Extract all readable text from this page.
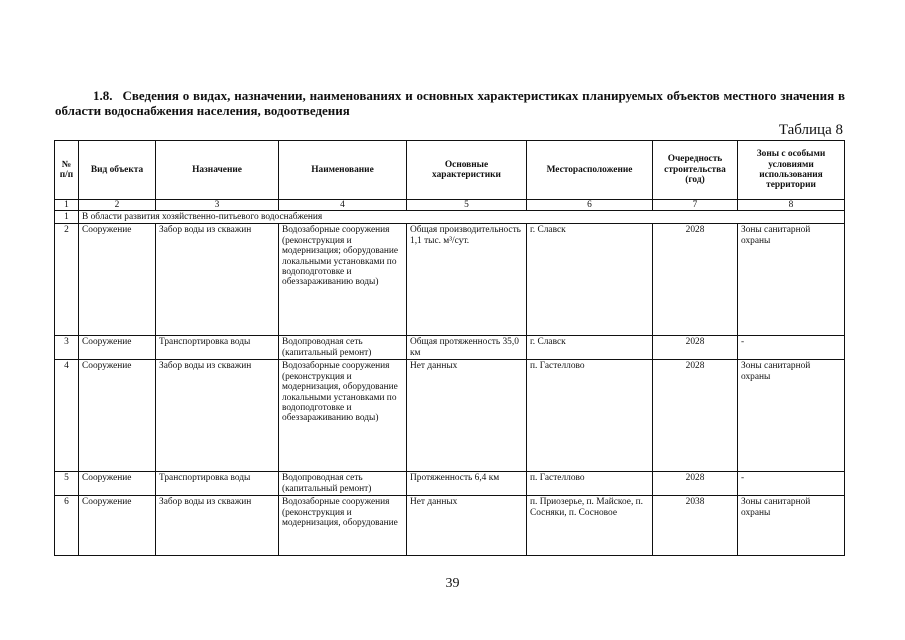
1.8. Сведения о видах, назначении, наименованиях и основных характеристиках планируемых объектов местного значения в области водоснабжения населения, водоотведения
Таблица 8
№ п/п	Вид объекта	Назначение	Наименование	Основные характеристики	Месторасположение	Очередность строительства (год)	Зоны с особыми условиями использования территории
1	2	3	4	5	6	7	8
1	В области развития хозяйственно-питьевого водоснабжения						
2	Сооружение	Забор воды из скважин	Водозаборные сооружения (реконструкция и модернизация; оборудование локальными установками по водоподготовке и обеззараживанию воды)	Общая производительность 1,1 тыс. м³/сут.	г. Славск	2028	Зоны санитарной охраны
3	Сооружение	Транспортировка воды	Водопроводная сеть (капитальный ремонт)	Общая протяженность 35,0 км	г. Славск	2028	-
4	Сооружение	Забор воды из скважин	Водозаборные сооружения (реконструкция и модернизация, оборудование локальными установками по водоподготовке и обеззараживанию воды)	Нет данных	п. Гастеллово	2028	Зоны санитарной охраны
5	Сооружение	Транспортировка воды	Водопроводная сеть (капитальный ремонт)	Протяженность 6,4 км	п. Гастеллово	2028	-
6	Сооружение	Забор воды из скважин	Водозаборные сооружения (реконструкция и модернизация, оборудование	Нет данных	п. Приозерье, п. Майское, п. Сосняки, п. Сосновое	2038	Зоны санитарной охраны
39
